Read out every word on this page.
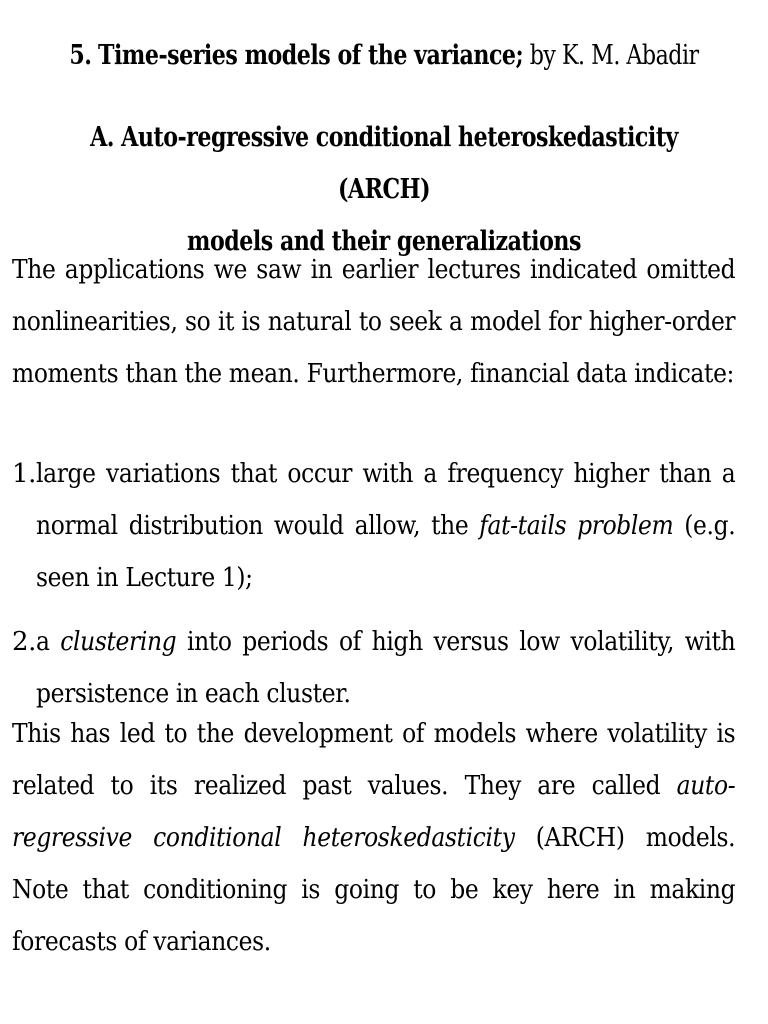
5. Time-series models of the variance; by K. M. Abadir
A. Auto-regressive conditional heteroskedasticity (ARCH)
models and their generalizations
The applications we saw in earlier lectures indicated omitted nonlinearities, so it is natural to seek a model for higher-order moments than the mean. Furthermore, financial data indicate:
1. large variations that occur with a frequency higher than a normal distribution would allow, the fat-tails problem (e.g. seen in Lecture 1);
2. a clustering into periods of high versus low volatility, with persistence in each cluster.
This has led to the development of models where volatility is related to its realized past values. They are called auto-regressive conditional heteroskedasticity (ARCH) models. Note that conditioning is going to be key here in making forecasts of variances.
